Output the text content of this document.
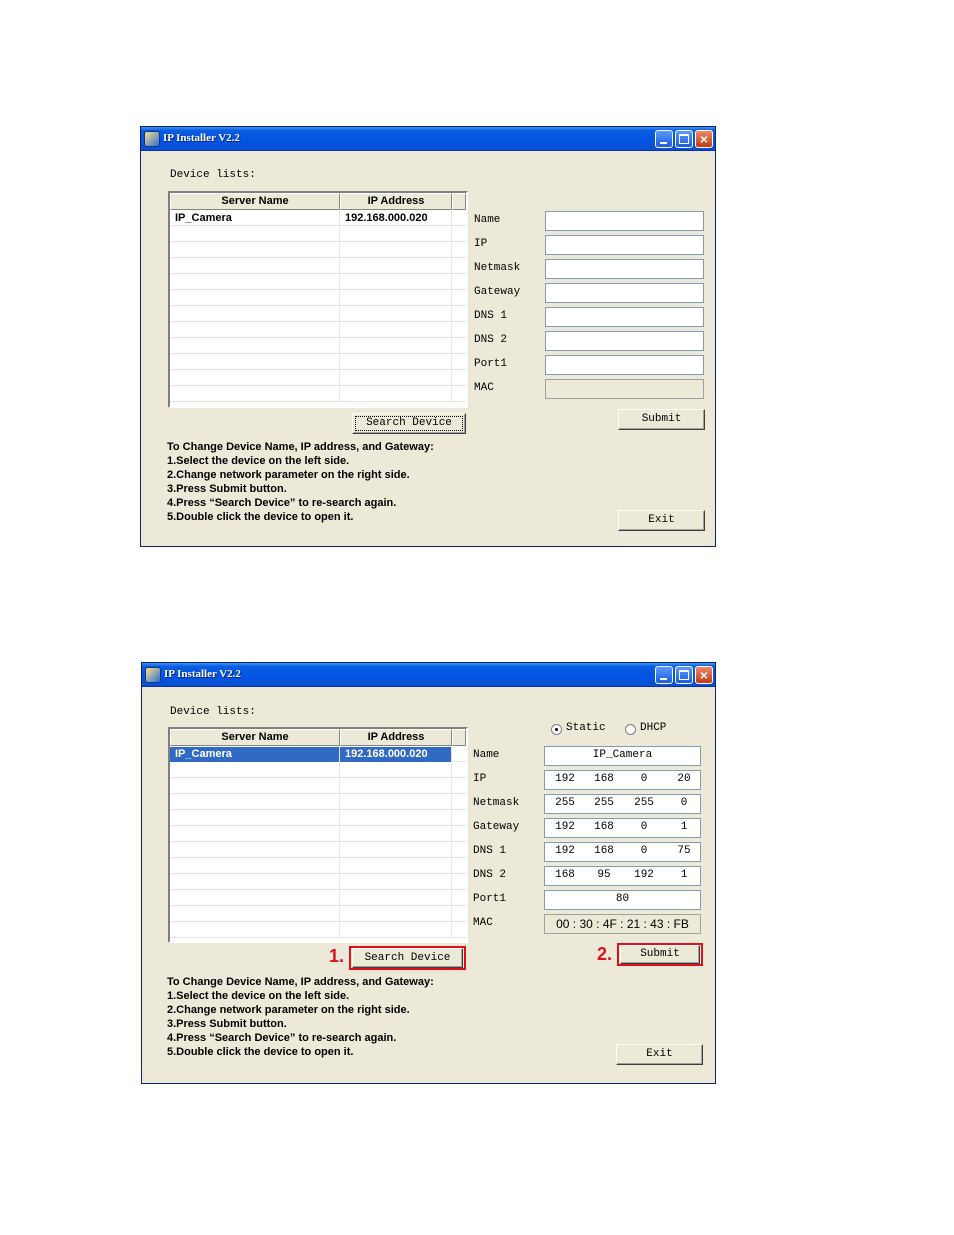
IP Installer V2.2	×
Device lists:
Server Name	IP Address
IP_Camera	192.168.000.020
Search Device
Name
IP
Netmask
Gateway
DNS 1
DNS 2
Port1
MAC
Submit
To Change Device Name, IP address, and Gateway:
1.Select the device on the left side.
2.Change network parameter on the right side.
3.Press Submit button.
4.Press “Search Device” to re-search again.
5.Double click the device to open it.	Exit
IP Installer V2.2	×
Device lists:
Server Name	IP Address
IP_Camera	192.168.000.020
1.	Search Device
Static	DHCP
Name	IP_Camera
IP	192 168	0	20
Netmask	255 255 255	0
Gateway	192 168	0	1
DNS 1	192 168	0	75
DNS 2	168	95	192	1
Port1	80
MAC	00 : 30 : 4F : 21 : 43 : FB
2.	Submit
To Change Device Name, IP address, and Gateway:
1.Select the device on the left side.
2.Change network parameter on the right side.
3.Press Submit button.
4.Press “Search Device” to re-search again.
5.Double click the device to open it.	Exit
